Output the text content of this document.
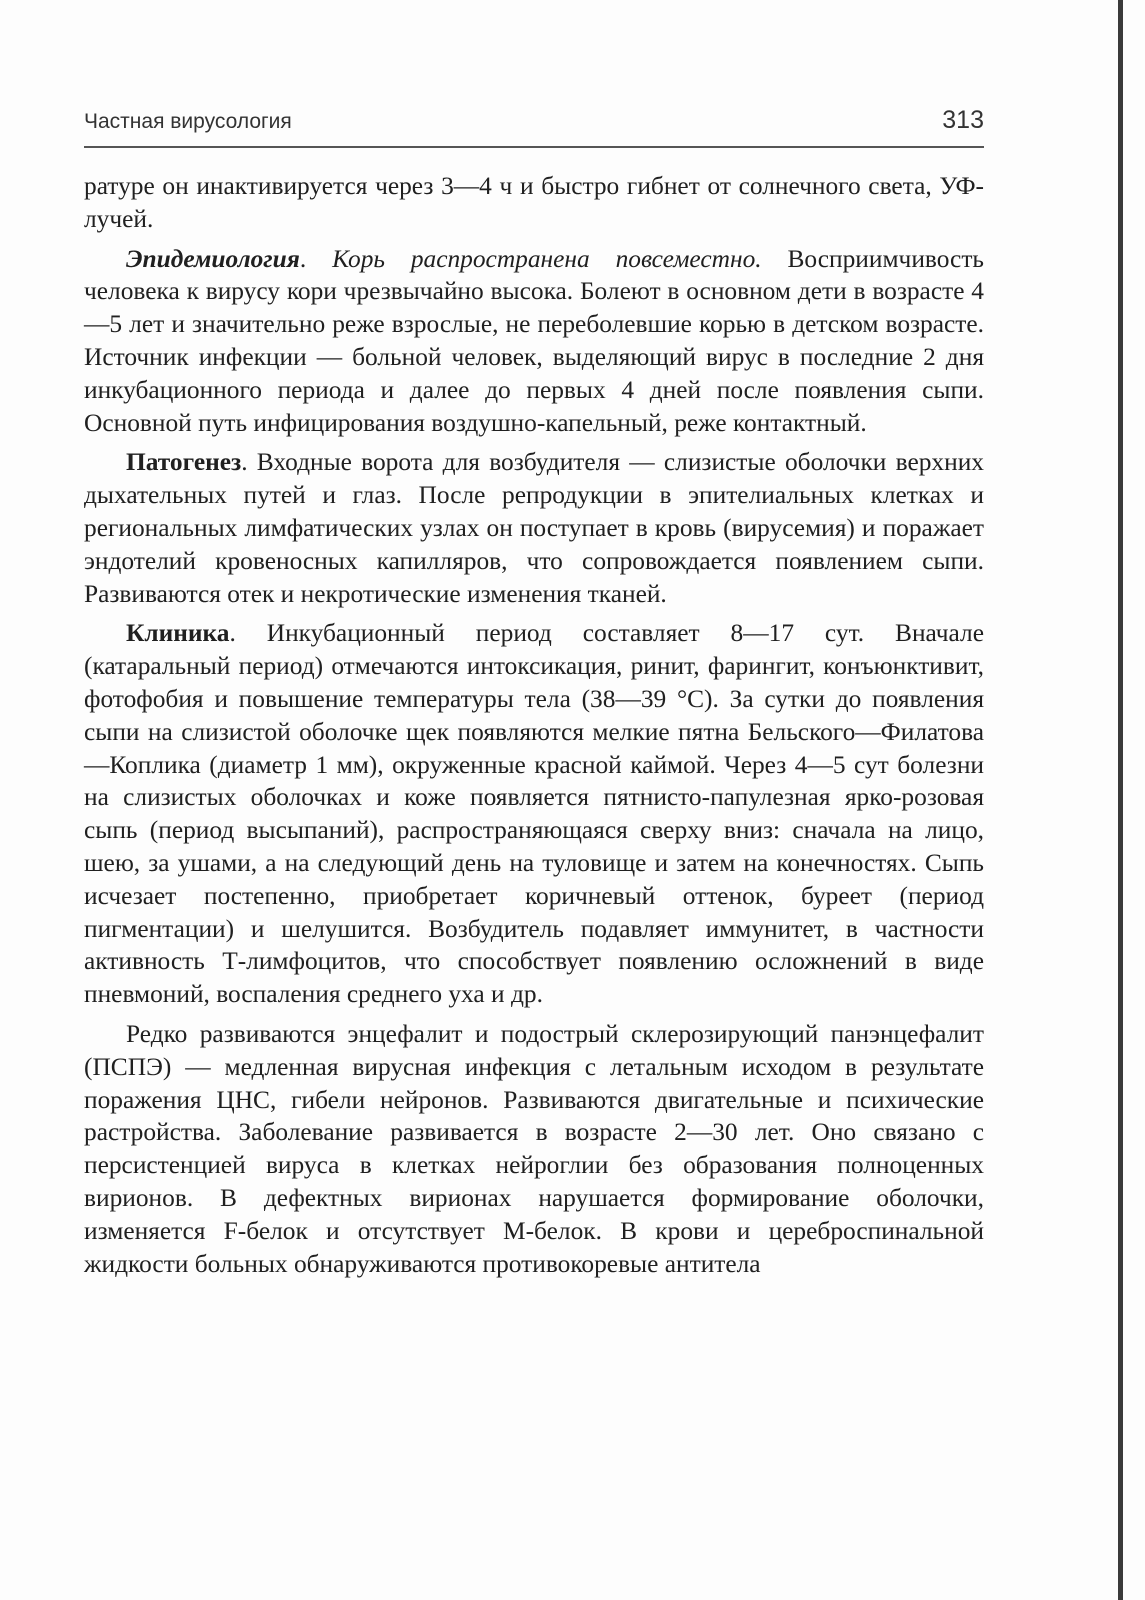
Частная вирусология	313

ратуре он инактивируется через 3—4 ч и быстро гибнет от солнечного света, УФ-лучей.

Эпидемиология. Корь распространена повсеместно. Восприимчивость человека к вирусу кори чрезвычайно высока. Болеют в основном дети в возрасте 4—5 лет и значительно реже взрослые, не переболевшие корью в детском возрасте. Источник инфекции — больной человек, выделяющий вирус в последние 2 дня инкубационного периода и далее до первых 4 дней после появления сыпи. Основной путь инфицирования воздушно-капельный, реже контактный.

Патогенез. Входные ворота для возбудителя — слизистые оболочки верхних дыхательных путей и глаз. После репродукции в эпителиальных клетках и региональных лимфатических узлах он поступает в кровь (вирусемия) и поражает эндотелий кровеносных капилляров, что сопровождается появлением сыпи. Развиваются отек и некротические изменения тканей.

Клиника. Инкубационный период составляет 8—17 сут. Вначале (катаральный период) отмечаются интоксикация, ринит, фарингит, конъюнктивит, фотофобия и повышение температуры тела (38—39 °С). За сутки до появления сыпи на слизистой оболочке щек появляются мелкие пятна Бельского—Филатова—Коплика (диаметр 1 мм), окруженные красной каймой. Через 4—5 сут болезни на слизистых оболочках и коже появляется пятнисто-папулезная ярко-розовая сыпь (период высыпаний), распространяющаяся сверху вниз: сначала на лицо, шею, за ушами, а на следующий день на туловище и затем на конечностях. Сыпь исчезает постепенно, приобретает коричневый оттенок, буреет (период пигментации) и шелушится. Возбудитель подавляет иммунитет, в частности активность Т-лимфоцитов, что способствует появлению осложнений в виде пневмоний, воспаления среднего уха и др.

Редко развиваются энцефалит и подострый склерозирующий панэнцефалит (ПСПЭ) — медленная вирусная инфекция с летальным исходом в результате поражения ЦНС, гибели нейронов. Развиваются двигательные и психические растройства. Заболевание развивается в возрасте 2—30 лет. Оно связано с персистенцией вируса в клетках нейроглии без образования полноценных вирионов. В дефектных вирионах нарушается формирование оболочки, изменяется F-белок и отсутствует М-белок. В крови и цереброспинальной жидкости больных обнаруживаются противокоревые антитела
